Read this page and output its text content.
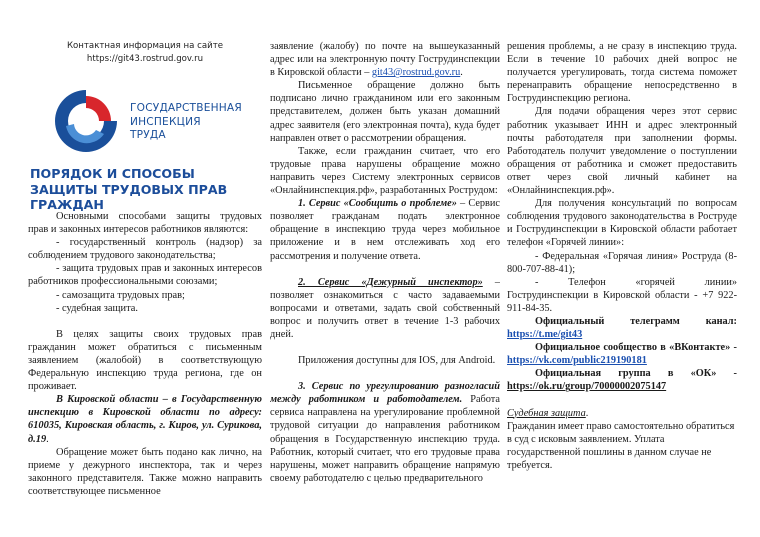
Контактная информация на сайте
https://git43.rostrud.gov.ru
ГОСУДАРСТВЕННАЯ
ИНСПЕКЦИЯ
ТРУДА
ПОРЯДОК И СПОСОБЫ ЗАЩИТЫ ТРУДОВЫХ ПРАВ ГРАЖДАН

Основными способами защиты трудовых прав и законных интересов работников являются:

- государственный контроль (надзор) за соблюдением трудового законодательства;

- защита трудовых прав и законных интересов работников профессиональными союзами;

- самозащита трудовых прав;

- судебная защита.

В целях защиты своих трудовых прав гражданин может обратиться с письменным заявлением (жалобой) в соответствующую Федеральную инспекцию труда региона, где он проживает.

В Кировской области – в Государственную инспекцию в Кировской области по адресу: 610035, Кировская область, г. Киров, ул. Сурикова, д.19.

Обращение может быть подано как лично, на приеме у дежурного инспектора, так и через законного представителя. Также можно направить соответствующее письменное

заявление (жалобу) по почте на вышеуказанный адрес или на электронную почту Гострудинспекции в Кировской области – git43@rostrud.gov.ru.

Письменное обращение должно быть подписано лично гражданином или его законным представителем, должен быть указан домашний адрес заявителя (его электронная почта), куда будет направлен ответ о рассмотрении обращения.

Также, если гражданин считает, что его трудовые права нарушены обращение можно направить через Систему электронных сервисов «Онлайнинспекция.рф», разработанных Рострудом:

1. Сервис «Сообщить о проблеме» – Сервис позволяет гражданам подать электронное обращение в инспекцию труда через мобильное приложение и в нем отслеживать ход его рассмотрения и получение ответа.

2. Сервис «Дежурный инспектор» – позволяет ознакомиться с часто задаваемыми вопросами и ответами, задать свой собственный вопрос и получить ответ в течение 1-3 рабочих дней.

Приложения доступны для IOS, для Android.

3. Сервис по урегулированию разногласий между работником и работодателем. Работа сервиса направлена на урегулирование проблемной трудовой ситуации до направления работником обращения в Государственную инспекцию труда. Работник, который считает, что его трудовые права нарушены, может направить обращение напрямую своему работодателю с целью предварительного

решения проблемы, а не сразу в инспекцию труда. Если в течение 10 рабочих дней вопрос не получается урегулировать, тогда система поможет перенаправить обращение непосредственно в Гострудинспекцию региона.

Для подачи обращения через этот сервис работник указывает ИНН и адрес электронный почты работодателя при заполнении формы. Работодатель получит уведомление о поступлении обращения от работника и сможет предоставить ответ через свой личный кабинет на «Онлайнинспекция.рф».

Для получения консультаций по вопросам соблюдения трудового законодательства в Роструде и Гострудинспекции в Кировской области работает телефон «Горячей линии»:

- Федеральная «Горячая линия» Роструда (8-800-707-88-41);

- Телефон «горячей линии» Гострудинспекции в Кировской области - +7 922-911-84-35.

Официальный телеграмм канал: https://t.me/git43

Официальное сообщество в «ВКонтакте» - https://vk.com/public219190181

Официальная группа в «ОК» - https://ok.ru/group/70000002075147

Судебная защита.

Гражданин имеет право самостоятельно обратиться в суд с исковым заявлением. Уплата государственной пошлины в данном случае не требуется.
